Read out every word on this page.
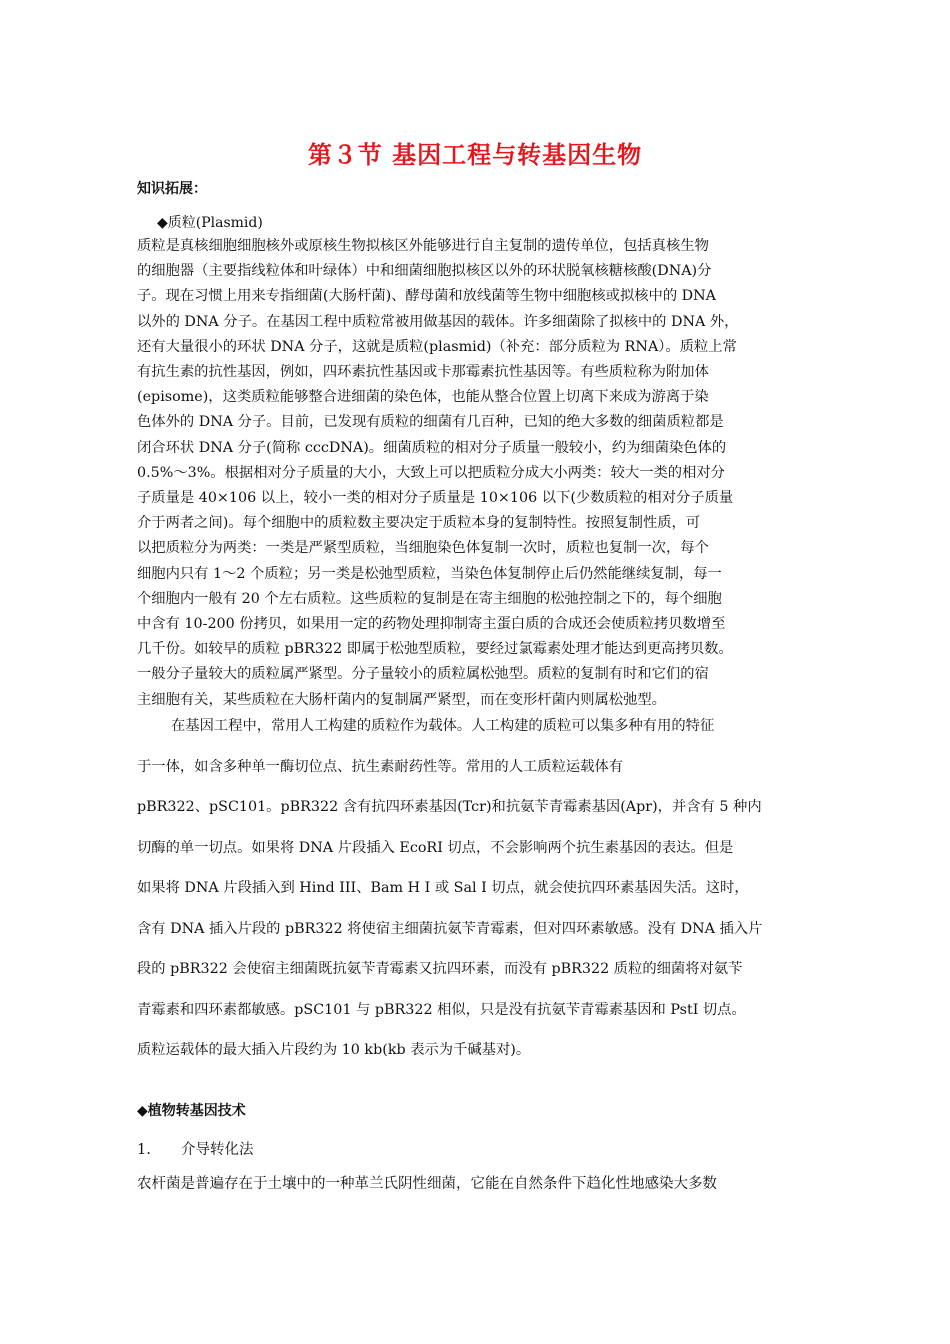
第３节 基因工程与转基因生物
知识拓展：
◆质粒(Plasmid)
质粒是真核细胞细胞核外或原核生物拟核区外能够进行自主复制的遗传单位，包括真核生物
的细胞器（主要指线粒体和叶绿体）中和细菌细胞拟核区以外的环状脱氧核糖核酸(DNA)分
子。现在习惯上用来专指细菌(大肠杆菌)、酵母菌和放线菌等生物中细胞核或拟核中的 DNA
以外的 DNA 分子。在基因工程中质粒常被用做基因的载体。许多细菌除了拟核中的 DNA 外，
还有大量很小的环状 DNA 分子，这就是质粒(plasmid)（补充：部分质粒为 RNA）。质粒上常
有抗生素的抗性基因，例如，四环素抗性基因或卡那霉素抗性基因等。有些质粒称为附加体
(episome)，这类质粒能够整合进细菌的染色体，也能从整合位置上切离下来成为游离于染
色体外的 DNA 分子。目前，已发现有质粒的细菌有几百种，已知的绝大多数的细菌质粒都是
闭合环状 DNA 分子(简称 cccDNA)。细菌质粒的相对分子质量一般较小，约为细菌染色体的
0.5%～3%。根据相对分子质量的大小，大致上可以把质粒分成大小两类：较大一类的相对分
子质量是 40×106 以上，较小一类的相对分子质量是 10×106 以下(少数质粒的相对分子质量
介于两者之间)。每个细胞中的质粒数主要决定于质粒本身的复制特性。按照复制性质，可
以把质粒分为两类：一类是严紧型质粒，当细胞染色体复制一次时，质粒也复制一次，每个
细胞内只有 1～2 个质粒；另一类是松弛型质粒，当染色体复制停止后仍然能继续复制，每一
个细胞内一般有 20 个左右质粒。这些质粒的复制是在寄主细胞的松弛控制之下的，每个细胞
中含有 10-200 份拷贝，如果用一定的药物处理抑制寄主蛋白质的合成还会使质粒拷贝数增至
几千份。如较早的质粒 pBR322 即属于松弛型质粒，要经过氯霉素处理才能达到更高拷贝数。
一般分子量较大的质粒属严紧型。分子量较小的质粒属松弛型。质粒的复制有时和它们的宿
主细胞有关，某些质粒在大肠杆菌内的复制属严紧型，而在变形杆菌内则属松弛型。
在基因工程中，常用人工构建的质粒作为载体。人工构建的质粒可以集多种有用的特征
于一体，如含多种单一酶切位点、抗生素耐药性等。常用的人工质粒运载体有
pBR322、pSC101。pBR322 含有抗四环素基因(Tcr)和抗氨苄青霉素基因(Apr)，并含有 5 种内
切酶的单一切点。如果将 DNA 片段插入 EcoRI 切点，不会影响两个抗生素基因的表达。但是
如果将 DNA 片段插入到 Hind III、Bam H I 或 Sal I 切点，就会使抗四环素基因失活。这时，
含有 DNA 插入片段的 pBR322 将使宿主细菌抗氨苄青霉素，但对四环素敏感。没有 DNA 插入片
段的 pBR322 会使宿主细菌既抗氨苄青霉素又抗四环素，而没有 pBR322 质粒的细菌将对氨苄
青霉素和四环素都敏感。pSC101 与 pBR322 相似，只是没有抗氨苄青霉素基因和 PstI 切点。
质粒运载体的最大插入片段约为 10 kb(kb 表示为千碱基对)。
◆植物转基因技术
1. 介导转化法
农杆菌是普遍存在于土壤中的一种革兰氏阴性细菌，它能在自然条件下趋化性地感染大多数
